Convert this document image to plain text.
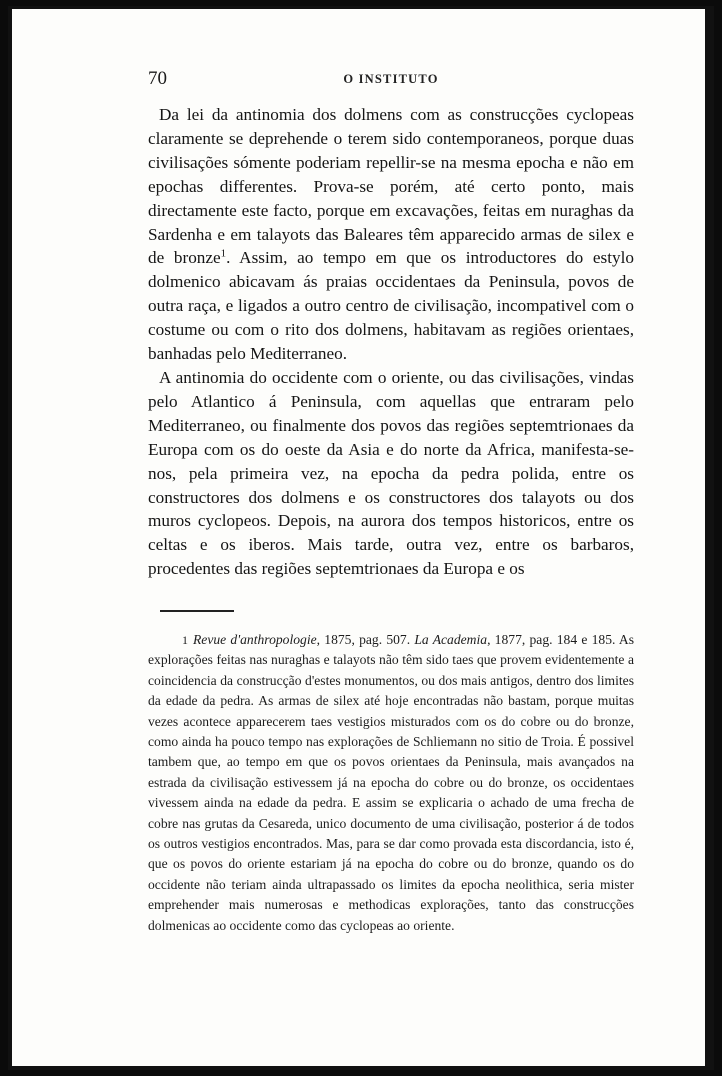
70	O INSTITUTO

Da lei da antinomia dos dolmens com as construcções cyclopeas claramente se deprehende o terem sido contemporaneos, porque duas civilisações sómente poderiam repellir-se na mesma epocha e não em epochas differentes. Prova-se porém, até certo ponto, mais directamente este facto, porque em excavações, feitas em nuraghas da Sardenha e em talayots das Baleares têm apparecido armas de silex e de bronze$^1$. Assim, ao tempo em que os introductores do estylo dolmenico abicavam ás praias occidentaes da Peninsula, povos de outra raça, e ligados a outro centro de civilisação, incompativel com o costume ou com o rito dos dolmens, habitavam as regiões orientaes, banhadas pelo Mediterraneo.

A antinomia do occidente com o oriente, ou das civilisações, vindas pelo Atlantico á Peninsula, com aquellas que entraram pelo Mediterraneo, ou finalmente dos povos das regiões septemtrionaes da Europa com os do oeste da Asia e do norte da Africa, manifesta-se-nos, pela primeira vez, na epocha da pedra polida, entre os constructores dos dolmens e os constructores dos talayots ou dos muros cyclopeos. Depois, na aurora dos tempos historicos, entre os celtas e os iberos. Mais tarde, outra vez, entre os barbaros, procedentes das regiões septemtrionaes da Europa e os

1 Revue d'anthropologie, 1875, pag. 507. La Academia, 1877, pag. 184 e 185. As explorações feitas nas nuraghas e talayots não têm sido taes que provem evidentemente a coincidencia da construcção d'estes monumentos, ou dos mais antigos, dentro dos limites da edade da pedra. As armas de silex até hoje encontradas não bastam, porque muitas vezes acontece apparecerem taes vestigios misturados com os do cobre ou do bronze, como ainda ha pouco tempo nas explorações de Schliemann no sitio de Troia. É possivel tambem que, ao tempo em que os povos orientaes da Peninsula, mais avançados na estrada da civilisação estivessem já na epocha do cobre ou do bronze, os occidentaes vivessem ainda na edade da pedra. E assim se explicaria o achado de uma frecha de cobre nas grutas da Cesareda, unico documento de uma civilisação, posterior á de todos os outros vestigios encontrados. Mas, para se dar como provada esta discordancia, isto é, que os povos do oriente estariam já na epocha do cobre ou do bronze, quando os do occidente não teriam ainda ultrapassado os limites da epocha neolithica, seria mister emprehender mais numerosas e methodicas explorações, tanto das construcções dolmenicas ao occidente como das cyclopeas ao oriente.
